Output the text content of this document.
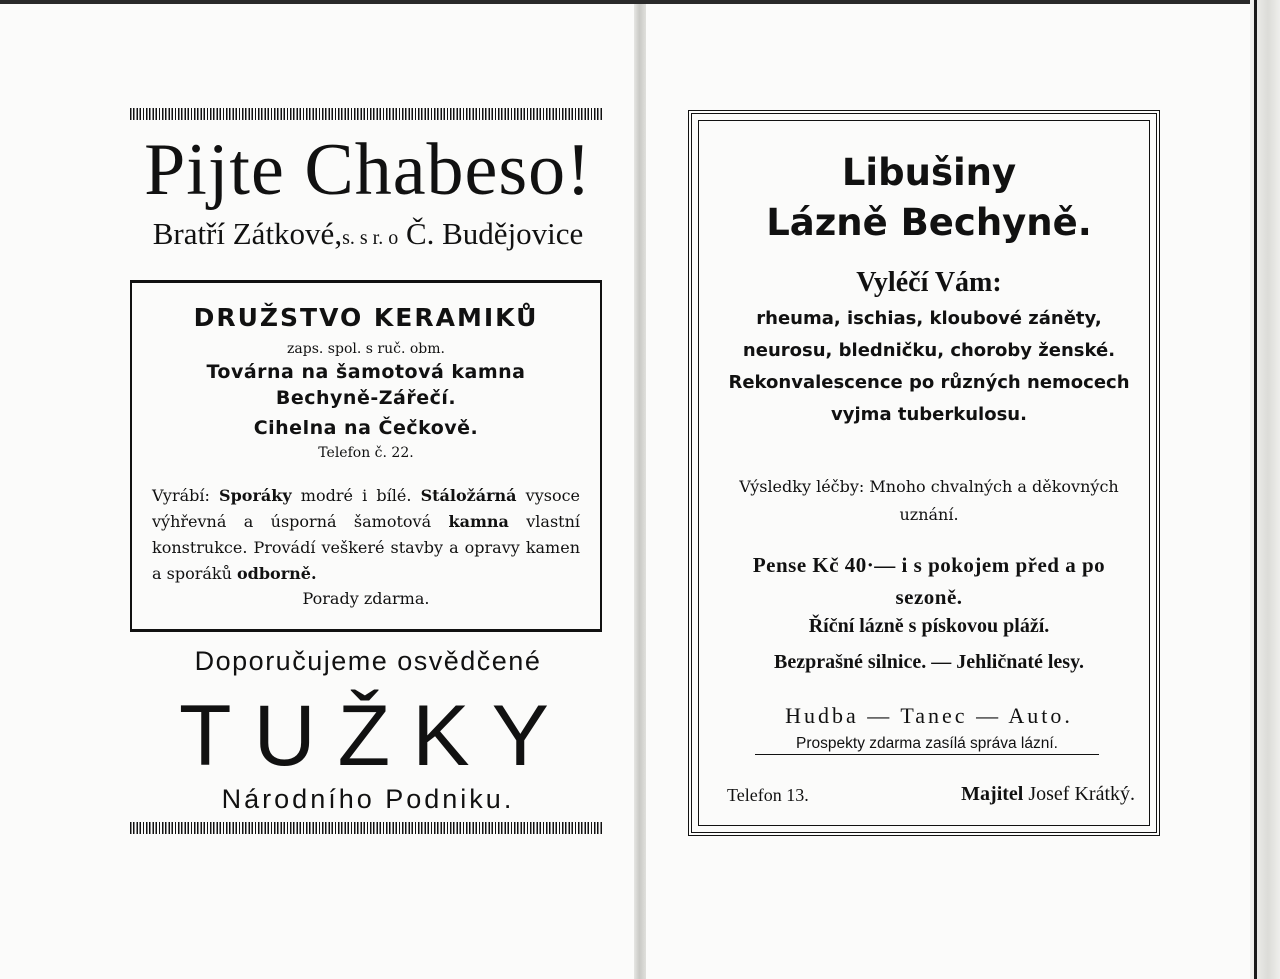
Pijte Chabeso!
Bratří Zátkové,s. s r. o Č. Budějovice
DRUŽSTVO KERAMIKŮ
zaps. spol. s ruč. obm.
Továrna na šamotová kamna
Bechyně-Zářečí.
Cihelna na Čečkově.
Telefon č. 22.
Vyrábí: Sporáky modré i bílé. Stáložárná vysoce výhřevná a úsporná šamotová kamna vlastní konstrukce. Provádí veškeré stavby a opravy kamen a sporáků odborně.
Porady zdarma.
Doporučujeme osvědčené
TUŽKY
Národního Podniku.
Libušiny
Lázně Bechyně.
Vyléčí Vám:
rheuma, ischias, kloubové záněty, neurosu, bledničku, choroby ženské. Rekonvalescence po různých nemocech vyjma tuberkulosu.
Výsledky léčby: Mnoho chvalných a děkovných uznání.
Pense Kč 40·— i s pokojem před a po sezoně.
Říční lázně s pískovou pláží.
Bezprašné silnice. — Jehličnaté lesy.
Hudba — Tanec — Auto.
Prospekty zdarma zasílá správa lázní.
Telefon 13.	Majitel Josef Krátký.
